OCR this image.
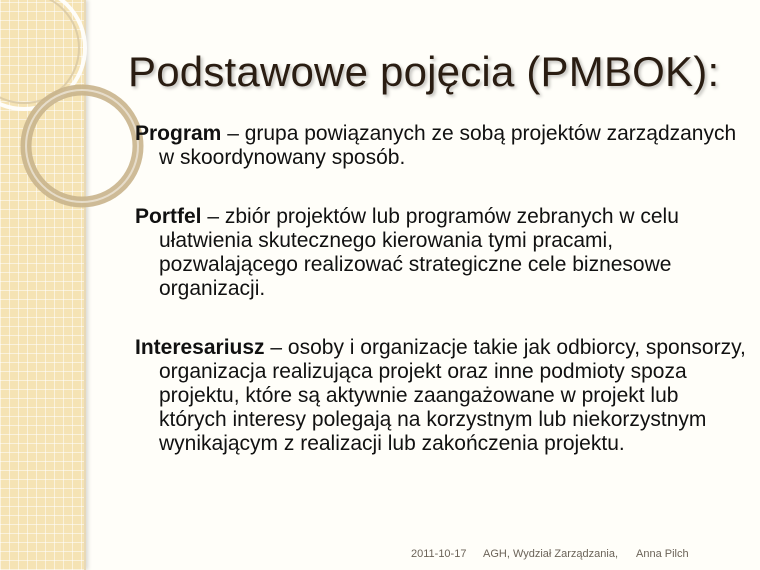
Podstawowe pojęcia (PMBOK):

Program – grupa powiązanych ze sobą projektów zarządzanych w skoordynowany sposób.

Portfel – zbiór projektów lub programów zebranych w celu ułatwienia skutecznego kierowania tymi pracami, pozwalającego realizować strategiczne cele biznesowe organizacji.

Interesariusz – osoby i organizacje takie jak odbiorcy, sponsorzy, organizacja realizująca projekt oraz inne podmioty spoza projektu, które są aktywnie zaangażowane w projekt lub których interesy polegają na korzystnym lub niekorzystnym wynikającym z realizacji lub zakończenia projektu.

2011-10-17 AGH, Wydział Zarządzania, Anna Pilch
